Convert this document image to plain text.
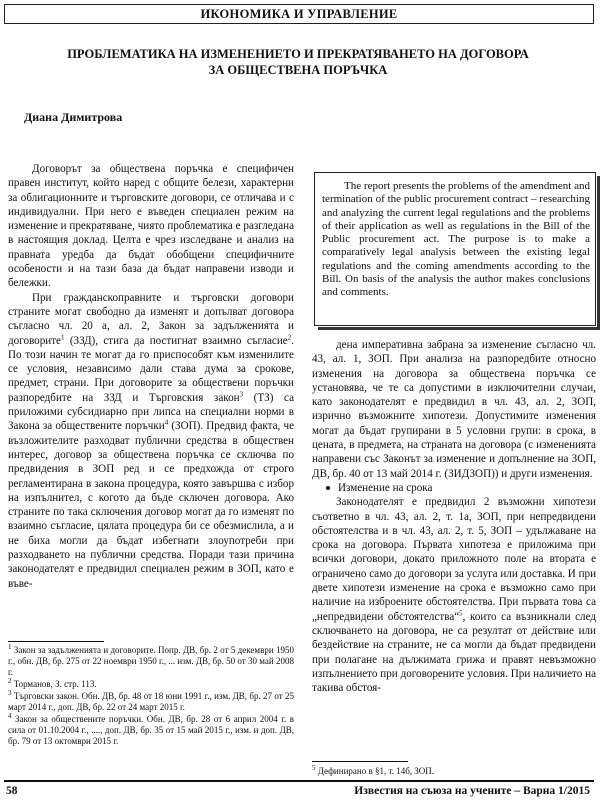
ИКОНОМИКА И УПРАВЛЕНИЕ
ПРОБЛЕМАТИКА НА ИЗМЕНЕНИЕТО И ПРЕКРАТЯВАНЕТО НА ДОГОВОРА
ЗА ОБЩЕСТВЕНА ПОРЪЧКА
Диана Димитрова

Договорът за обществена поръчка е специфичен правен институт, който наред с общите белези, характерни за облигационните и търговските договори, се отличава и с индивидуални. При него е въведен специален режим на изменение и прекратяване, чиято проблематика е разгледана в настоящия доклад. Целта е чрез изследване и анализ на правната уредба да бъдат обобщени специфичните особености и на тази база да бъдат направени изводи и бележки.

При гражданскоправните и търговски договори страните могат свободно да изменят и допълват договора съгласно чл. 20 а, ал. 2, Закон за задълженията и договорите$^1$ (ЗЗД), стига да постигнат взаимно съгласие$^2$. По този начин те могат да го приспособят към изменилите се условия, независимо дали става дума за срокове, предмет, страни. При договорите за обществени поръчки разпоредбите на ЗЗД и Търговския закон$^3$ (ТЗ) са приложими субсидиарно при липса на специални норми в Закона за обществените поръчки$^4$ (ЗОП). Предвид факта, че възложителите разходват публични средства в обществен интерес, договор за обществена поръчка се сключва по предвидения в ЗОП ред и се предхожда от строго регламентирана в закона процедура, която завършва с избор на изпълнител, с когото да бъде сключен договора. Ако страните по така сключения договор могат да го изменят по взаимно съгласие, цялата процедура би се обезмислила, а и не биха могли да бъдат избегнати злоупотреби при разходването на публични средства. Поради тази причина законодателят е предвидил специален режим в ЗОП, като е въве-

The report presents the problems of the amendment and termination of the public procurement contract – researching and analyzing the current legal regulations and the problems of their application as well as regulations in the Bill of the Public procurement act. The purpose is to make a comparatively legal analysis between the existing legal regulations and the coming amendments according to the Bill. On basis of the analysis the author makes conclusions and comments.

дена императивна забрана за изменение съгласно чл. 43, ал. 1, ЗОП. При анализа на разпоредбите относно изменения на договора за обществена поръчка се установява, че те са допустими в изключителни случаи, като законодателят е предвидил в чл. 43, ал. 2, ЗОП, изрично възможните хипотези. Допустимите изменения могат да бъдат групирани в 5 условни групи: в срока, в цената, в предмета, на страната на договора (с измененията направени със Законът за изменение и допълнение на ЗОП, ДВ, бр. 40 от 13 май 2014 г. (ЗИДЗОП)) и други изменения.

Изменение на срока

Законодателят е предвидил 2 възможни хипотези съответно в чл. 43, ал. 2, т. 1а, ЗОП, при непредвидени обстоятелства и в чл. 43, ал. 2, т. 5, ЗОП – удължаване на срока на договора. Първата хипотеза е приложима при всички договори, докато приложното поле на втората е ограничено само до договори за услуга или доставка. И при двете хипотези изменение на срока е възможно само при наличие на изброените обстоятелства. При първата това са „непредвидени обстоятелства“$^5$, които са възникнали след сключването на договора, не са резултат от действие или бездействие на страните, не са могли да бъдат предвидени при полагане на дължимата грижа и правят невъзможно изпълнението при договорените условия. При наличието на такива обстоя-

$^1$ Закон за задълженията и договорите. Попр. ДВ, бр. 2 от 5 декември 1950 г., обн. ДВ, бр. 275 от 22 ноември 1950 г., ... изм. ДВ, бр. 50 от 30 май 2008 г.
$^2$ Торманов, З. стр. 113.
$^3$ Търговски закон. Обн. ДВ, бр. 48 от 18 юни 1991 г., изм. ДВ, бр. 27 от 25 март 2014 г., доп. ДВ, бр. 22 от 24 март 2015 г.
$^4$ Закон за обществените поръчки. Обн. ДВ, бр. 28 от 6 април 2004 г. в сила от 01.10.2004 г., ...., доп. ДВ, бр. 35 от 15 май 2015 г., изм. и доп. ДВ, бр. 79 от 13 октомври 2015 г.
$^5$ Дефинирано в §1, т. 14б, ЗОП.
58	Известия на съюза на учените – Варна 1/2015
